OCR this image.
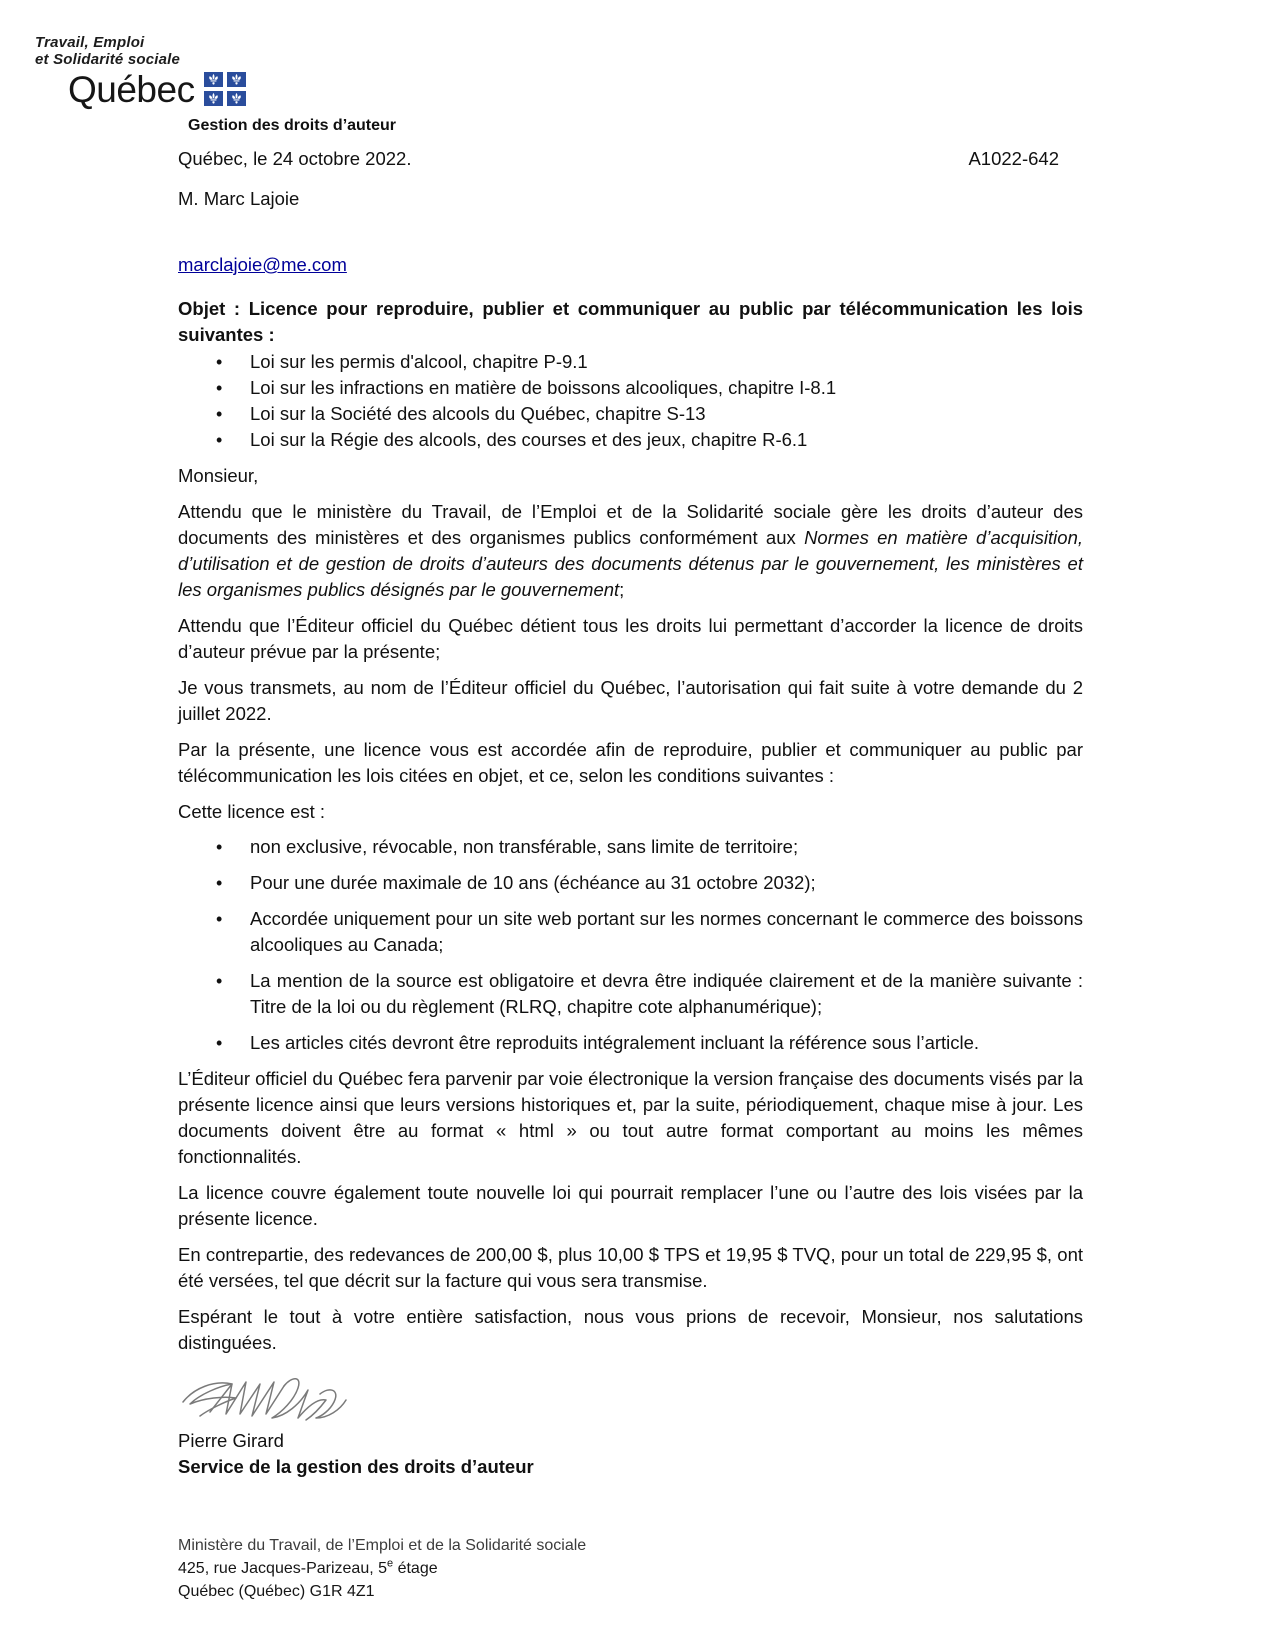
Travail, Emploi
et Solidarité sociale
Québec
Gestion des droits d’auteur
Québec, le 24 octobre 2022.	A1022-642
M. Marc Lajoie
marclajoie@me.com

Objet : Licence pour reproduire, publier et communiquer au public par télécommunication les lois suivantes :

• Loi sur les permis d'alcool, chapitre P-9.1
• Loi sur les infractions en matière de boissons alcooliques, chapitre I-8.1
• Loi sur la Société des alcools du Québec, chapitre S-13
• Loi sur la Régie des alcools, des courses et des jeux, chapitre R-6.1

Monsieur,

Attendu que le ministère du Travail, de l’Emploi et de la Solidarité sociale gère les droits d’auteur des documents des ministères et des organismes publics conformément aux Normes en matière d’acquisition, d’utilisation et de gestion de droits d’auteurs des documents détenus par le gouvernement, les ministères et les organismes publics désignés par le gouvernement;

Attendu que l’Éditeur officiel du Québec détient tous les droits lui permettant d’accorder la licence de droits d’auteur prévue par la présente;

Je vous transmets, au nom de l’Éditeur officiel du Québec, l’autorisation qui fait suite à votre demande du 2 juillet 2022.

Par la présente, une licence vous est accordée afin de reproduire, publier et communiquer au public par télécommunication les lois citées en objet, et ce, selon les conditions suivantes :

Cette licence est :

• non exclusive, révocable, non transférable, sans limite de territoire;
• Pour une durée maximale de 10 ans (échéance au 31 octobre 2032);
• Accordée uniquement pour un site web portant sur les normes concernant le commerce des boissons alcooliques au Canada;
• La mention de la source est obligatoire et devra être indiquée clairement et de la manière suivante : Titre de la loi ou du règlement (RLRQ, chapitre cote alphanumérique);
• Les articles cités devront être reproduits intégralement incluant la référence sous l’article.

L’Éditeur officiel du Québec fera parvenir par voie électronique la version française des documents visés par la présente licence ainsi que leurs versions historiques et, par la suite, périodiquement, chaque mise à jour. Les documents doivent être au format « html » ou tout autre format comportant au moins les mêmes fonctionnalités.

La licence couvre également toute nouvelle loi qui pourrait remplacer l’une ou l’autre des lois visées par la présente licence.

En contrepartie, des redevances de 200,00 $, plus 10,00 $ TPS et 19,95 $ TVQ, pour un total de 229,95 $, ont été versées, tel que décrit sur la facture qui vous sera transmise.

Espérant le tout à votre entière satisfaction, nous vous prions de recevoir, Monsieur, nos salutations distinguées.

Pierre Girard
Service de la gestion des droits d’auteur
Ministère du Travail, de l’Emploi et de la Solidarité sociale
425, rue Jacques-Parizeau, 5e étage
Québec (Québec) G1R 4Z1
